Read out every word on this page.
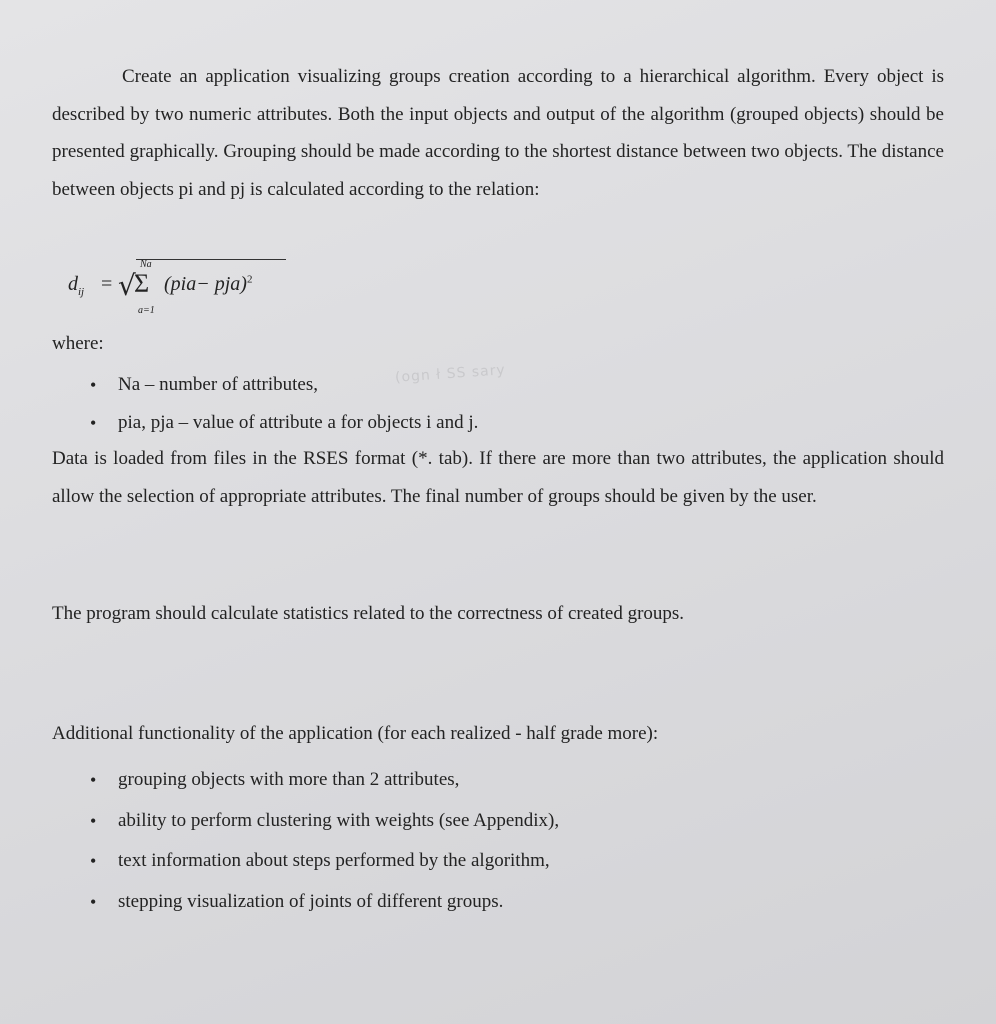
Create an application visualizing groups creation according to a hierarchical algorithm. Every object is described by two numeric attributes. Both the input objects and output of the algorithm (grouped objects) should be presented graphically. Grouping should be made according to the shortest distance between two objects. The distance between objects pi and pj is calculated according to the relation:

$d_{ij}$ = √
Σ
Na
a=1
(pia− pja)$^2$
where:
(ogn ł SS sary
• Na – number of attributes,
• pia, pja – value of attribute a for objects i and j.

Data is loaded from files in the RSES format (*. tab). If there are more than two attributes, the application should allow the selection of appropriate attributes. The final number of groups should be given by the user.

The program should calculate statistics related to the correctness of created groups.

Additional functionality of the application (for each realized - half grade more):

• grouping objects with more than 2 attributes,
• ability to perform clustering with weights (see Appendix),
• text information about steps performed by the algorithm,
• stepping visualization of joints of different groups.
